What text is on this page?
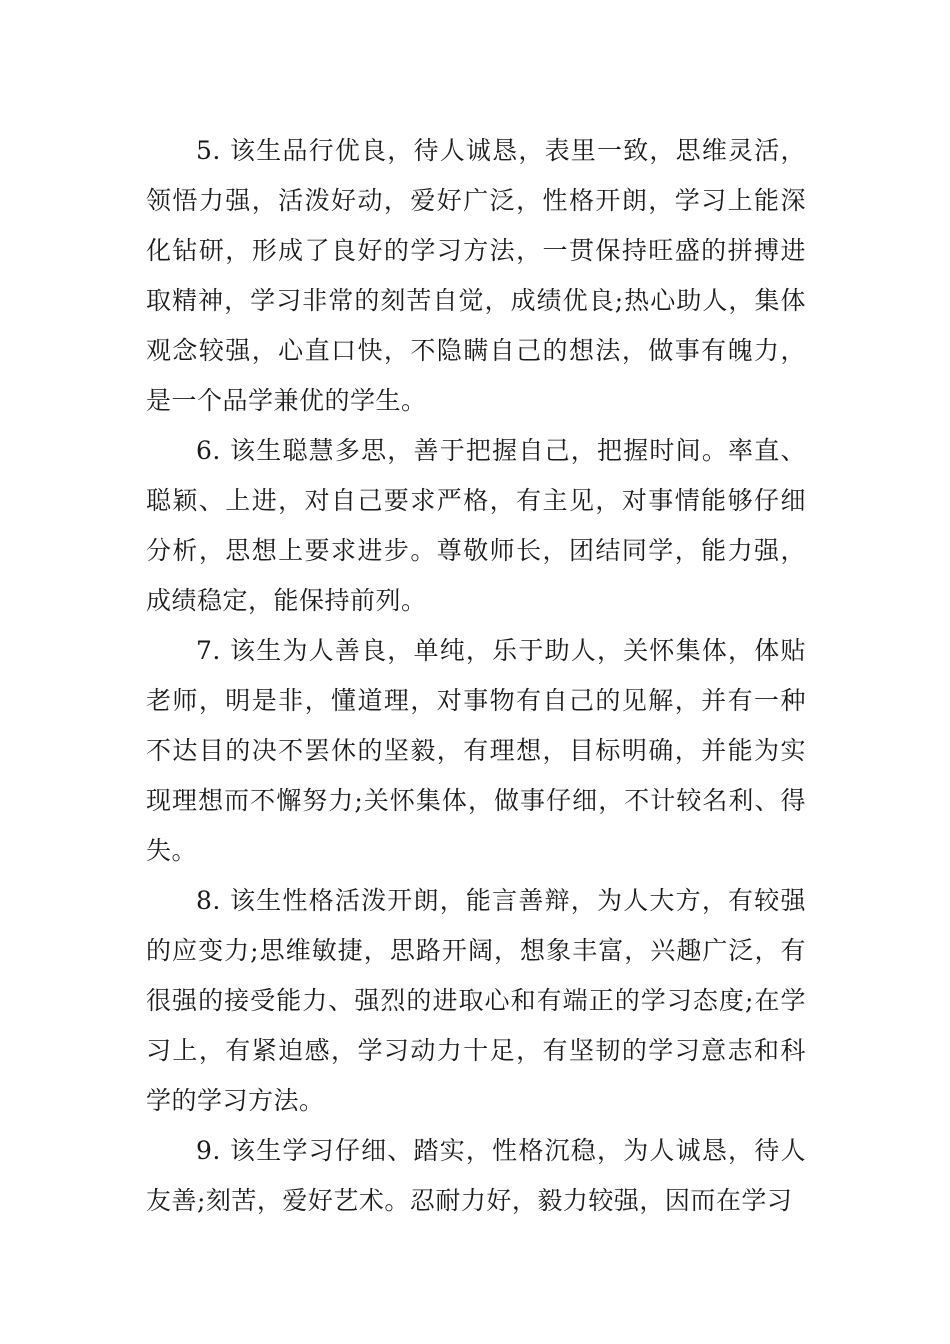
5. 该生品行优良，待人诚恳，表里一致，思维灵活，领悟力强，活泼好动，爱好广泛，性格开朗，学习上能深化钻研，形成了良好的学习方法，一贯保持旺盛的拼搏进取精神，学习非常的刻苦自觉，成绩优良;热心助人，集体观念较强，心直口快，不隐瞒自己的想法，做事有魄力，是一个品学兼优的学生。

6. 该生聪慧多思，善于把握自己，把握时间。率直、聪颖、上进，对自己要求严格，有主见，对事情能够仔细分析，思想上要求进步。尊敬师长，团结同学，能力强，成绩稳定，能保持前列。

7. 该生为人善良，单纯，乐于助人，关怀集体，体贴老师，明是非，懂道理，对事物有自己的见解，并有一种不达目的决不罢休的坚毅，有理想，目标明确，并能为实现理想而不懈努力;关怀集体，做事仔细，不计较名利、得失。

8. 该生性格活泼开朗，能言善辩，为人大方，有较强的应变力;思维敏捷，思路开阔，想象丰富，兴趣广泛，有很强的接受能力、强烈的进取心和有端正的学习态度;在学习上，有紧迫感，学习动力十足，有坚韧的学习意志和科学的学习方法。

9. 该生学习仔细、踏实，性格沉稳，为人诚恳，待人友善;刻苦，爱好艺术。忍耐力好，毅力较强，因而在学习
